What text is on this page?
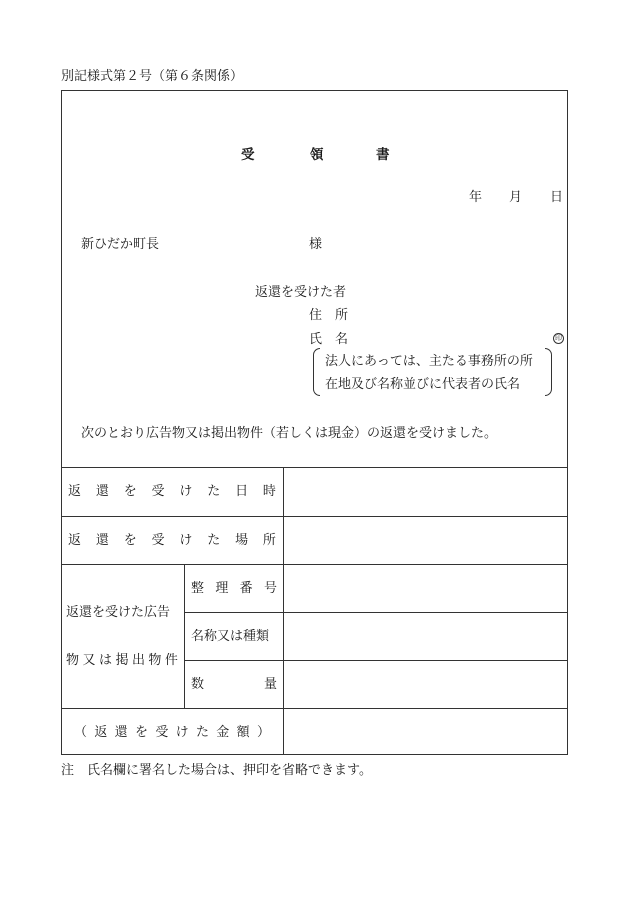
別記様式第２号（第６条関係）
受	領	書
年 月 日
新ひだか町長	様
返還を受けた者
住 所
氏 名	印
法人にあっては、主たる事務所の所
在地及び名称並びに代表者の氏名
次のとおり広告物又は掲出物件（若しくは現金）の返還を受けました。
返 還 を 受 け た 日 時
返 還 を 受 け た 場 所
返還を受けた広告
物 又 は 掲 出 物 件
整 理 番 号
名称又は種類
数	量
（ 返 還 を 受 け た 金 額 ）
注　氏名欄に署名した場合は、押印を省略できます。
